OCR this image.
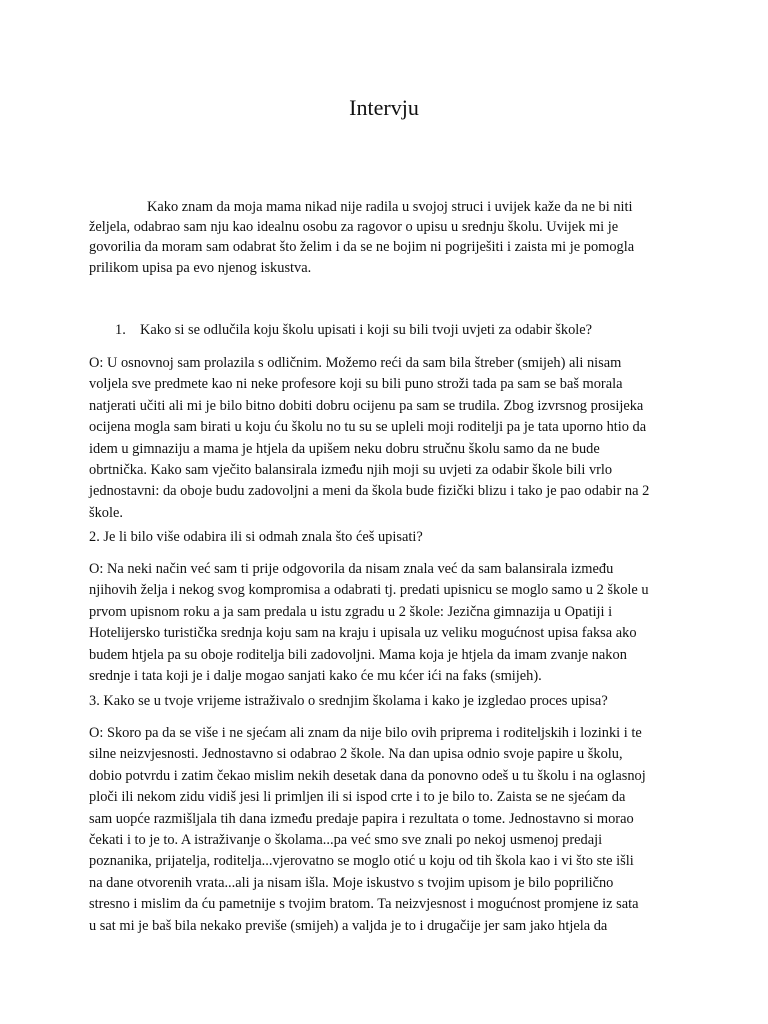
Intervju
Kako znam da moja mama nikad nije radila u svojoj struci i uvijek kaže da ne bi niti
željela, odabrao sam nju kao idealnu osobu za ragovor o upisu u srednju školu. Uvijek mi je
govorilia da moram sam odabrat što želim i da se ne bojim ni pogriješiti i zaista mi je pomogla
prilikom upisa pa evo njenog iskustva.
1. Kako si se odlučila koju školu upisati i koji su bili tvoji uvjeti za odabir škole?
O: U osnovnoj sam prolazila s odličnim. Možemo reći da sam bila štreber (smijeh) ali nisam
voljela sve predmete kao ni neke profesore koji su bili puno stroži tada pa sam se baš morala
natjerati učiti ali mi je bilo bitno dobiti dobru ocijenu pa sam se trudila. Zbog izvrsnog prosijeka
ocijena mogla sam birati u koju ću školu no tu su se upleli moji roditelji pa je tata uporno htio da
idem u gimnaziju a mama je htjela da upišem neku dobru stručnu školu samo da ne bude
obrtnička. Kako sam vječito balansirala između njih moji su uvjeti za odabir škole bili vrlo
jednostavni: da oboje budu zadovoljni a meni da škola bude fizički blizu i tako je pao odabir na 2
škole.
2. Je li bilo više odabira ili si odmah znala što ćeš upisati?
O: Na neki način već sam ti prije odgovorila da nisam znala već da sam balansirala između
njihovih želja i nekog svog kompromisa a odabrati tj. predati upisnicu se moglo samo u 2 škole u
prvom upisnom roku a ja sam predala u istu zgradu u 2 škole: Jezična gimnazija u Opatiji i
Hotelijersko turistička srednja koju sam na kraju i upisala uz veliku mogućnost upisa faksa ako
budem htjela pa su oboje roditelja bili zadovoljni. Mama koja je htjela da imam zvanje nakon
srednje i tata koji je i dalje mogao sanjati kako će mu kćer ići na faks (smijeh).
3. Kako se u tvoje vrijeme istraživalo o srednjim školama i kako je izgledao proces upisa?
O: Skoro pa da se više i ne sjećam ali znam da nije bilo ovih priprema i roditeljskih i lozinki i te
silne neizvjesnosti. Jednostavno si odabrao 2 škole. Na dan upisa odnio svoje papire u školu,
dobio potvrdu i zatim čekao mislim nekih desetak dana da ponovno odeš u tu školu i na oglasnoj
ploči ili nekom zidu vidiš jesi li primljen ili si ispod crte i to je bilo to. Zaista se ne sjećam da
sam uopće razmišljala tih dana između predaje papira i rezultata o tome. Jednostavno si morao
čekati i to je to. A istraživanje o školama...pa već smo sve znali po nekoj usmenoj predaji
poznanika, prijatelja, roditelja...vjerovatno se moglo otić u koju od tih škola kao i vi što ste išli
na dane otvorenih vrata...ali ja nisam išla. Moje iskustvo s tvojim upisom je bilo poprilično
stresno i mislim da ću pametnije s tvojim bratom. Ta neizvjesnost i mogućnost promjene iz sata
u sat mi je baš bila nekako previše (smijeh) a valjda je to i drugačije jer sam jako htjela da
